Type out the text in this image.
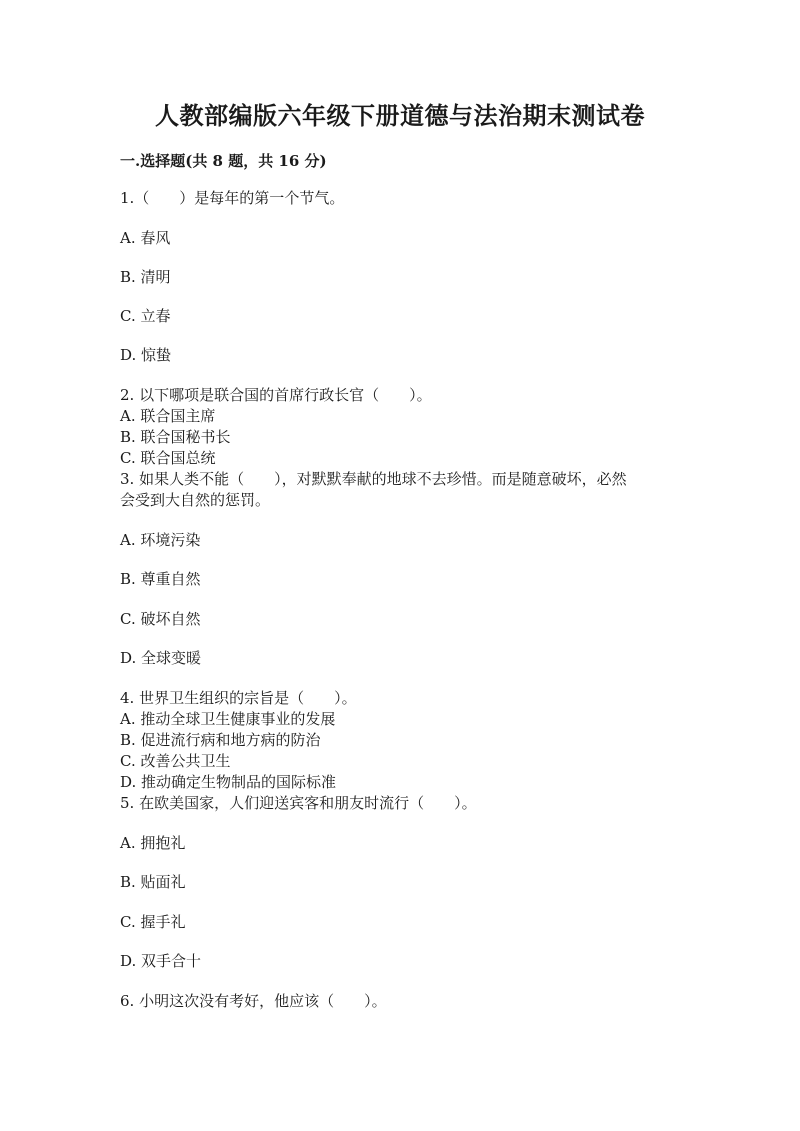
人教部编版六年级下册道德与法治期末测试卷
一.选择题(共 8 题，共 16 分)
1.（　　）是每年的第一个节气。
A. 春风
B. 清明
C. 立春
D. 惊蛰
2. 以下哪项是联合国的首席行政长官（　　）。
A. 联合国主席
B. 联合国秘书长
C. 联合国总统
3. 如果人类不能（　　），对默默奉献的地球不去珍惜。而是随意破坏，必然
会受到大自然的惩罚。
A. 环境污染
B. 尊重自然
C. 破坏自然
D. 全球变暖
4. 世界卫生组织的宗旨是（　　）。
A. 推动全球卫生健康事业的发展
B. 促进流行病和地方病的防治
C. 改善公共卫生
D. 推动确定生物制品的国际标准
5. 在欧美国家，人们迎送宾客和朋友时流行（　　）。
A. 拥抱礼
B. 贴面礼
C. 握手礼
D. 双手合十
6. 小明这次没有考好，他应该（　　）。
